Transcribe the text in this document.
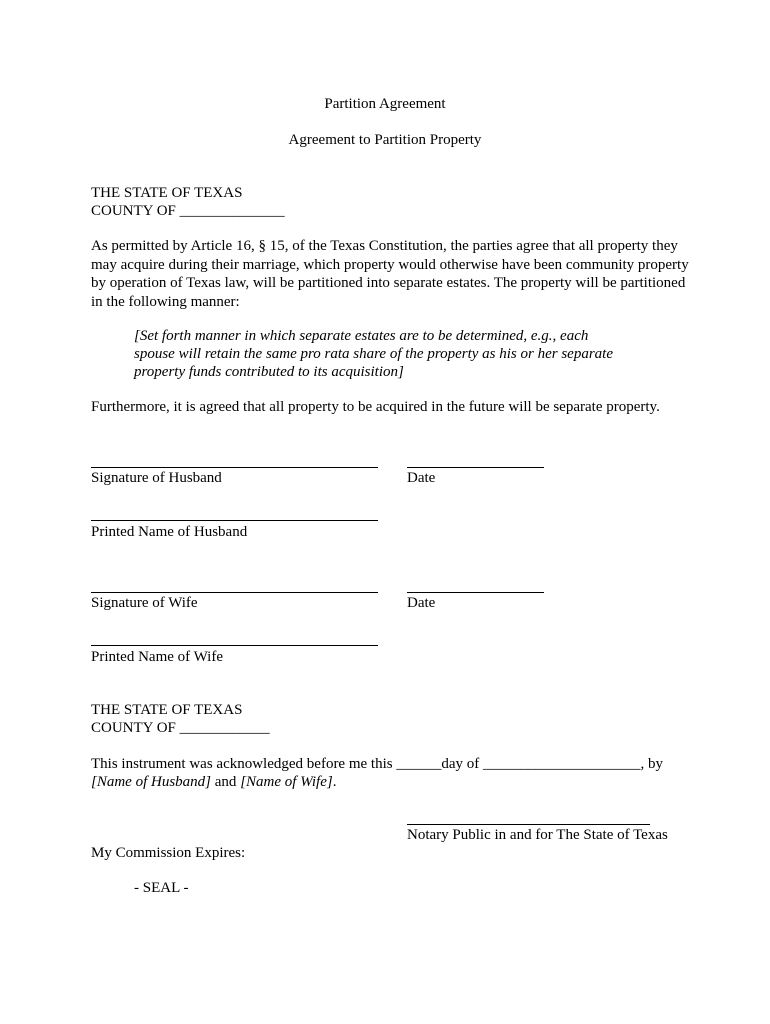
Partition Agreement
Agreement to Partition Property
THE STATE OF TEXAS
COUNTY OF ______________
As permitted by Article 16, § 15, of the Texas Constitution, the parties agree that all property they may acquire during their marriage, which property would otherwise have been community property by operation of Texas law, will be partitioned into separate estates. The property will be partitioned in the following manner:
[Set forth manner in which separate estates are to be determined, e.g., each
spouse will retain the same pro rata share of the property as his or her separate
property funds contributed to its acquisition]
Furthermore, it is agreed that all property to be acquired in the future will be separate property.
Signature of Husband	Date
Printed Name of Husband
Signature of Wife	Date
Printed Name of Wife
THE STATE OF TEXAS
COUNTY OF ____________
This instrument was acknowledged before me this ______day of _____________________, by
[Name of Husband] and [Name of Wife].
Notary Public in and for The State of Texas
My Commission Expires:
- SEAL -
